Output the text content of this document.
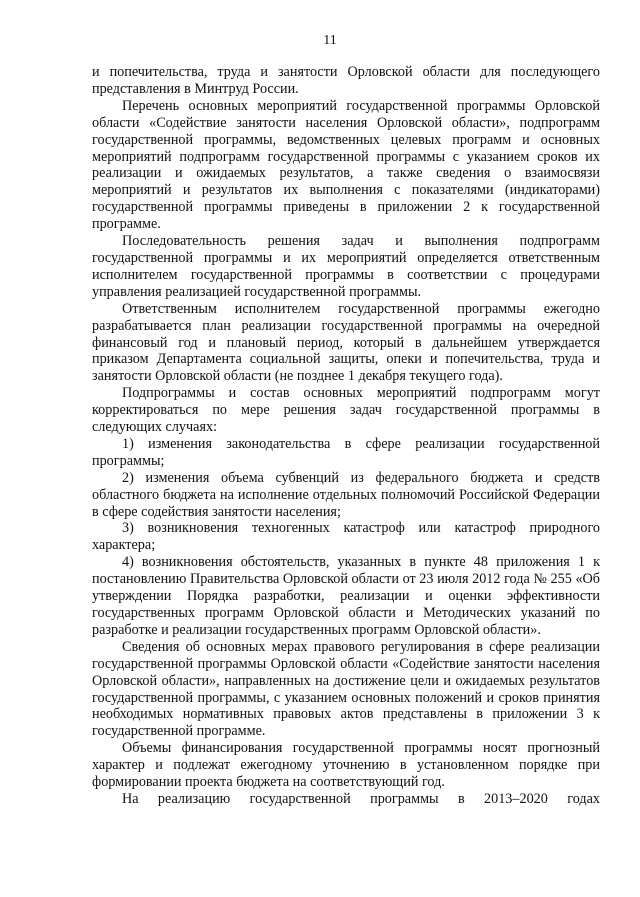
11

и попечительства, труда и занятости Орловской области для последующего представления в Минтруд России.

Перечень основных мероприятий государственной программы Орловской области «Содействие занятости населения Орловской области», подпрограмм государственной программы, ведомственных целевых программ и основных мероприятий подпрограмм государственной программы с указанием сроков их реализации и ожидаемых результатов, а также сведения о взаимосвязи мероприятий и результатов их выполнения с показателями (индикаторами) государственной программы приведены в приложении 2 к государственной программе.

Последовательность решения задач и выполнения подпрограмм государственной программы и их мероприятий определяется ответственным исполнителем государственной программы в соответствии с процедурами управления реализацией государственной программы.

Ответственным исполнителем государственной программы ежегодно разрабатывается план реализации государственной программы на очередной финансовый год и плановый период, который в дальнейшем утверждается приказом Департамента социальной защиты, опеки и попечительства, труда и занятости Орловской области (не позднее 1 декабря текущего года).

Подпрограммы и состав основных мероприятий подпрограмм могут корректироваться по мере решения задач государственной программы в следующих случаях:

1) изменения законодательства в сфере реализации государственной программы;

2) изменения объема субвенций из федерального бюджета и средств областного бюджета на исполнение отдельных полномочий Российской Федерации в сфере содействия занятости населения;

3) возникновения техногенных катастроф или катастроф природного характера;

4) возникновения обстоятельств, указанных в пункте 48 приложения 1 к постановлению Правительства Орловской области от 23 июля 2012 года № 255 «Об утверждении Порядка разработки, реализации и оценки эффективности государственных программ Орловской области и Методических указаний по разработке и реализации государственных программ Орловской области».

Сведения об основных мерах правового регулирования в сфере реализации государственной программы Орловской области «Содействие занятости населения Орловской области», направленных на достижение цели и ожидаемых результатов государственной программы, с указанием основных положений и сроков принятия необходимых нормативных правовых актов представлены в приложении 3 к государственной программе.

Объемы финансирования государственной программы носят прогнозный характер и подлежат ежегодному уточнению в установленном порядке при формировании проекта бюджета на соответствующий год.

На реализацию государственной программы в 2013–2020 годах
